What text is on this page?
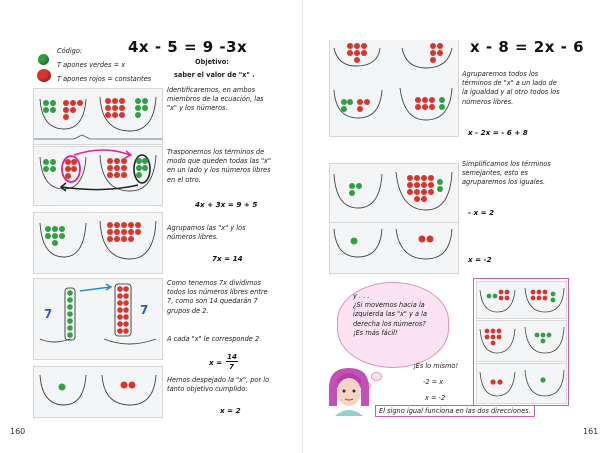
4x - 5 = 9 -3x
Código:
T apones verdes = x
T apones rojos = constantes
Objetivo:
saber el valor de "x" .
Identificaremos, en ambos
miembros de la ecuación, las
"x" y los números.
Trasponemos los términos de
modo que queden todas las "x"
en un lado y los números libres
en el otro.
4x + 3x = 9 + 5
Agrupamos las "x" y los
números libres.
7x = 14
7	7
Como tenemos 7x dividimos
todos los números libres entre
7, como son 14 quedarán 7
grupos de 2.
A cada "x" le corresponde 2
x =
14
7
Hemos despejado la "x", por lo
tanto objetivo cumplido:
x = 2
160
x - 8 = 2x - 6
Agruparemos todos los
términos de "x" a un lado de
la igualdad y al otro todos los
números libres.
x - 2x = - 6 + 8
Simplificamos los términos
semejantes, esto es
agruparemos los iguales.
- x = 2
x = -2
y . . .
¿Si movemos hacia la
izquierda las "x" y a la
derecha los números?
¡Es más fácil!
¡Es lo mismo!
-2 = x
x = -2
El signo igual funciona en las dos direcciones.
161
